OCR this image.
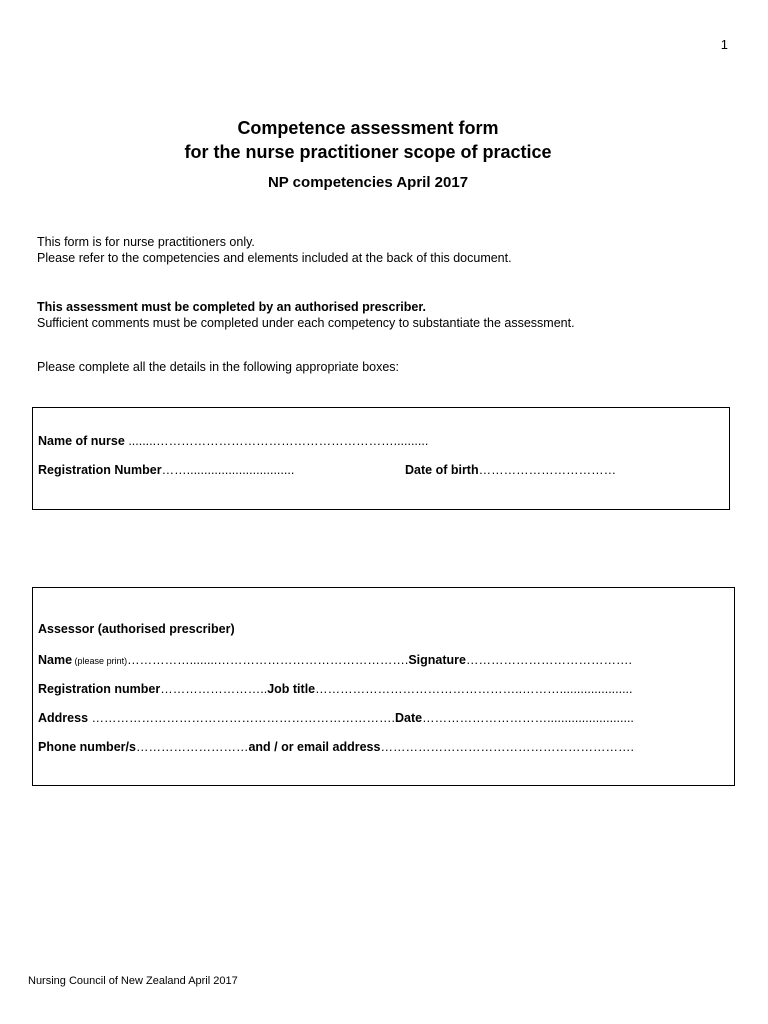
1
Competence assessment form
for the nurse practitioner scope of practice
NP competencies April 2017
This form is for nurse practitioners only.
Please refer to the competencies and elements included at the back of this document.
This assessment must be completed by an authorised prescriber.
Sufficient comments must be completed under each competency to substantiate the assessment.
Please complete all the details in the following appropriate boxes:
Name of nurse ........…………………………………………………..........
Registration Number……...............................	Date of birth……………………………
Assessor (authorised prescriber)
Name (please print)……………........……………………………………….Signature………………………………….
Registration number……………………..Job title…………………………………………..……….....................
Address ……………………………………………………………….Date………………………….........................
Phone number/s………………………and / or email address…………………………………………………….
Nursing Council of New Zealand April 2017
